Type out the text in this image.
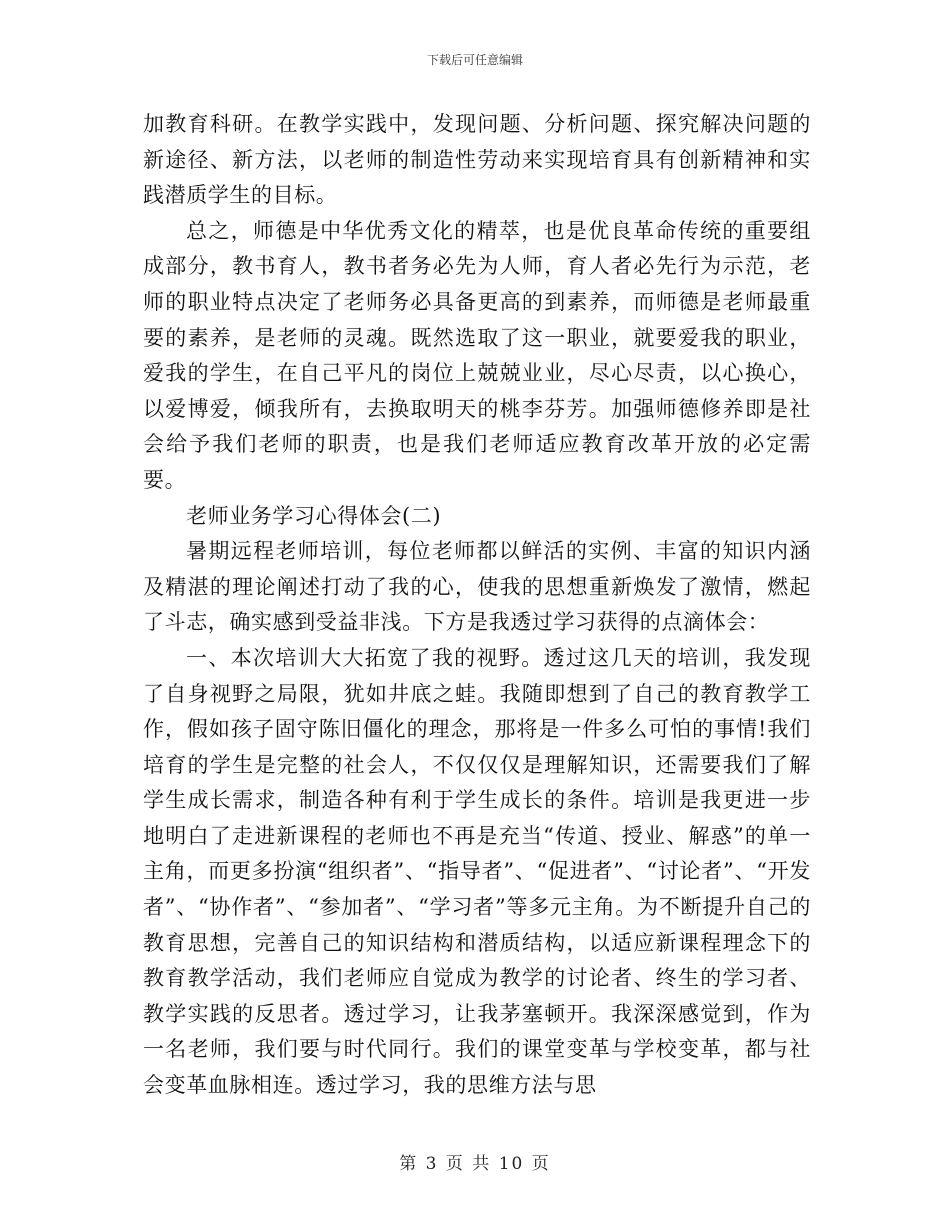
下载后可任意编辑

加教育科研。在教学实践中，发现问题、分析问题、探究解决问题的新途径、新方法，以老师的制造性劳动来实现培育具有创新精神和实践潜质学生的目标。

总之，师德是中华优秀文化的精萃，也是优良革命传统的重要组成部分，教书育人，教书者务必先为人师，育人者必先行为示范，老师的职业特点决定了老师务必具备更高的到素养，而师德是老师最重要的素养，是老师的灵魂。既然选取了这一职业，就要爱我的职业，爱我的学生，在自己平凡的岗位上兢兢业业，尽心尽责，以心换心，以爱博爱，倾我所有，去换取明天的桃李芬芳。加强师德修养即是社会给予我们老师的职责，也是我们老师适应教育改革开放的必定需要。

老师业务学习心得体会(二)

暑期远程老师培训，每位老师都以鲜活的实例、丰富的知识内涵及精湛的理论阐述打动了我的心，使我的思想重新焕发了激情，燃起了斗志，确实感到受益非浅。下方是我透过学习获得的点滴体会：

一、本次培训大大拓宽了我的视野。透过这几天的培训，我发现了自身视野之局限，犹如井底之蛙。我随即想到了自己的教育教学工作，假如孩子固守陈旧僵化的理念，那将是一件多么可怕的事情!我们培育的学生是完整的社会人，不仅仅仅是理解知识，还需要我们了解学生成长需求，制造各种有利于学生成长的条件。培训是我更进一步地明白了走进新课程的老师也不再是充当“传道、授业、解惑”的单一主角，而更多扮演“组织者”、“指导者”、“促进者”、“讨论者”、“开发者”、“协作者”、“参加者”、“学习者”等多元主角。为不断提升自己的教育思想，完善自己的知识结构和潜质结构，以适应新课程理念下的教育教学活动，我们老师应自觉成为教学的讨论者、终生的学习者、教学实践的反思者。透过学习，让我茅塞顿开。我深深感觉到，作为一名老师，我们要与时代同行。我们的课堂变革与学校变革，都与社会变革血脉相连。透过学习，我的思维方法与思

第 3 页 共 10 页
